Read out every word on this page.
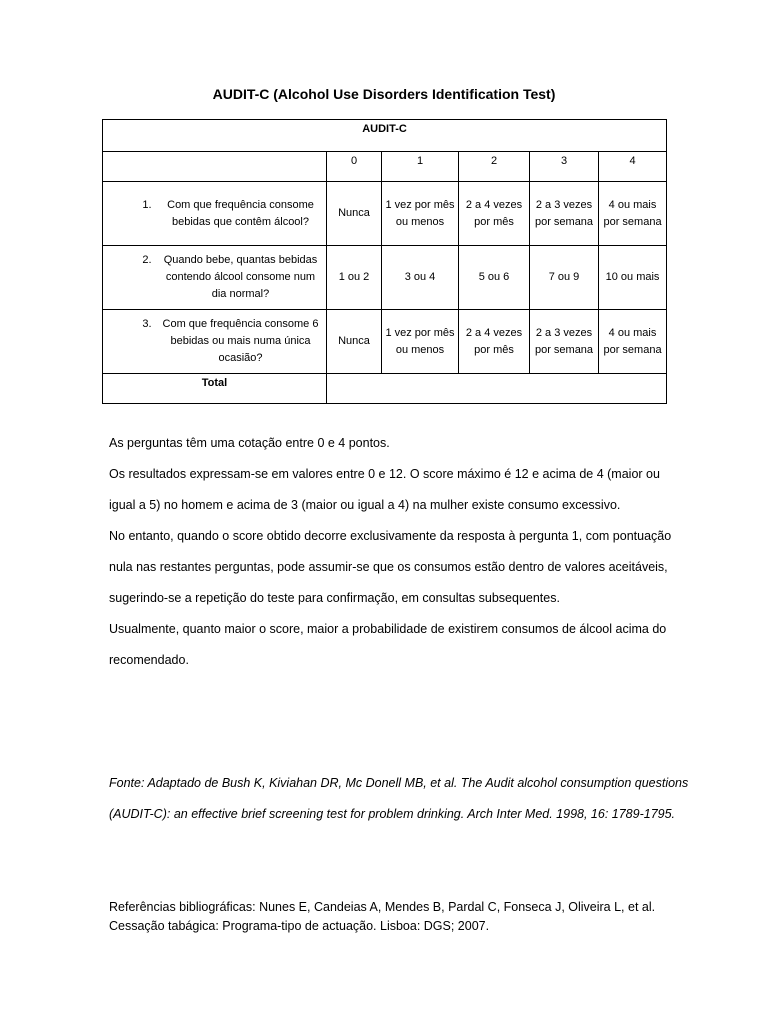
AUDIT-C (Alcohol Use Disorders Identification Test)
AUDIT-C					
	0	1	2	3	4

1. Com que frequência consome bebidas que contêm álcool?	Nunca	1 vez por mês ou menos	2 a 4 vezes por mês	2 a 3 vezes por semana	4 ou mais por semana

2. Quando bebe, quantas bebidas contendo álcool consome num dia normal?	1 ou 2	3 ou 4	5 ou 6	7 ou 9	10 ou mais

3. Com que frequência consome 6 bebidas ou mais numa única ocasião?	Nunca	1 vez por mês ou menos	2 a 4 vezes por mês	2 a 3 vezes por semana	4 ou mais por semana
Total					

As perguntas têm uma cotação entre 0 e 4 pontos.

Os resultados expressam-se em valores entre 0 e 12. O score máximo é 12 e acima de 4 (maior ou igual a 5) no homem e acima de 3 (maior ou igual a 4) na mulher existe consumo excessivo.

No entanto, quando o score obtido decorre exclusivamente da resposta à pergunta 1, com pontuação nula nas restantes perguntas, pode assumir-se que os consumos estão dentro de valores aceitáveis, sugerindo-se a repetição do teste para confirmação, em consultas subsequentes.

Usualmente, quanto maior o score, maior a probabilidade de existirem consumos de álcool acima do recomendado.

Fonte: Adaptado de Bush K, Kiviahan DR, Mc Donell MB, et al. The Audit alcohol consumption questions (AUDIT-C): an effective brief screening test for problem drinking. Arch Inter Med. 1998, 16: 1789-1795.
Referências bibliográficas: Nunes E, Candeias A, Mendes B, Pardal C, Fonseca J, Oliveira L, et al. Cessação tabágica: Programa-tipo de actuação. Lisboa: DGS; 2007.
